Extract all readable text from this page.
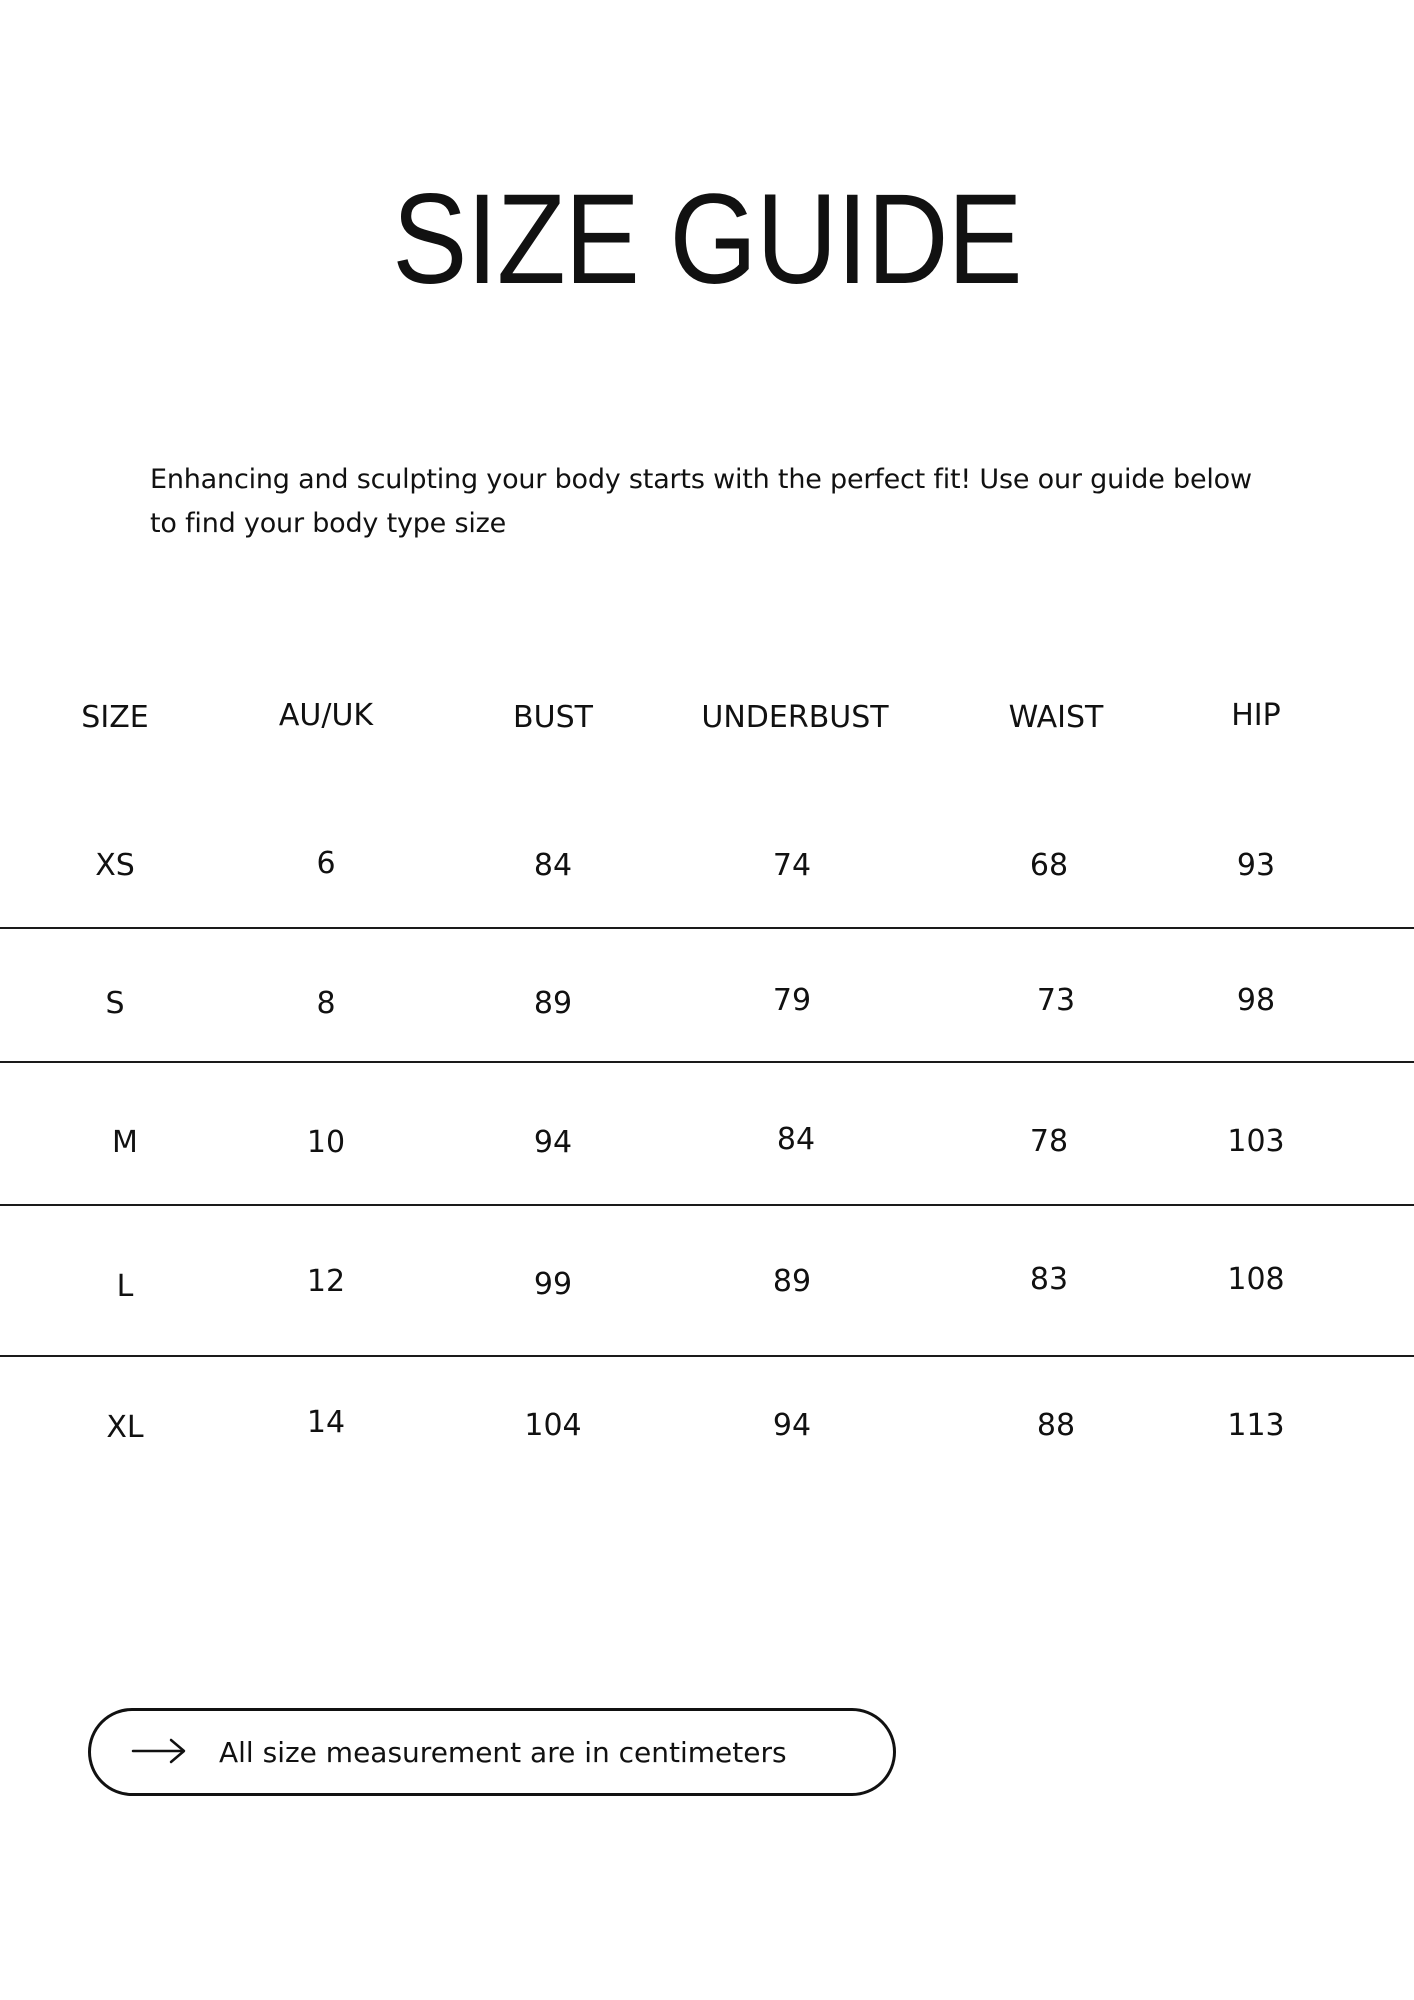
SIZE GUIDE

Enhancing and sculpting your body starts with the perfect fit! Use our guide below to find your body type size

SIZE	AU/UK	BUST	UNDERBUST	WAIST	HIP
XS	6	84	74	68	93
S	8	89	79	73	98
M	10	94	84	78	103
L	12	99	89	83	108
XL	14	104	94	88	113
All size measurement are in centimeters
